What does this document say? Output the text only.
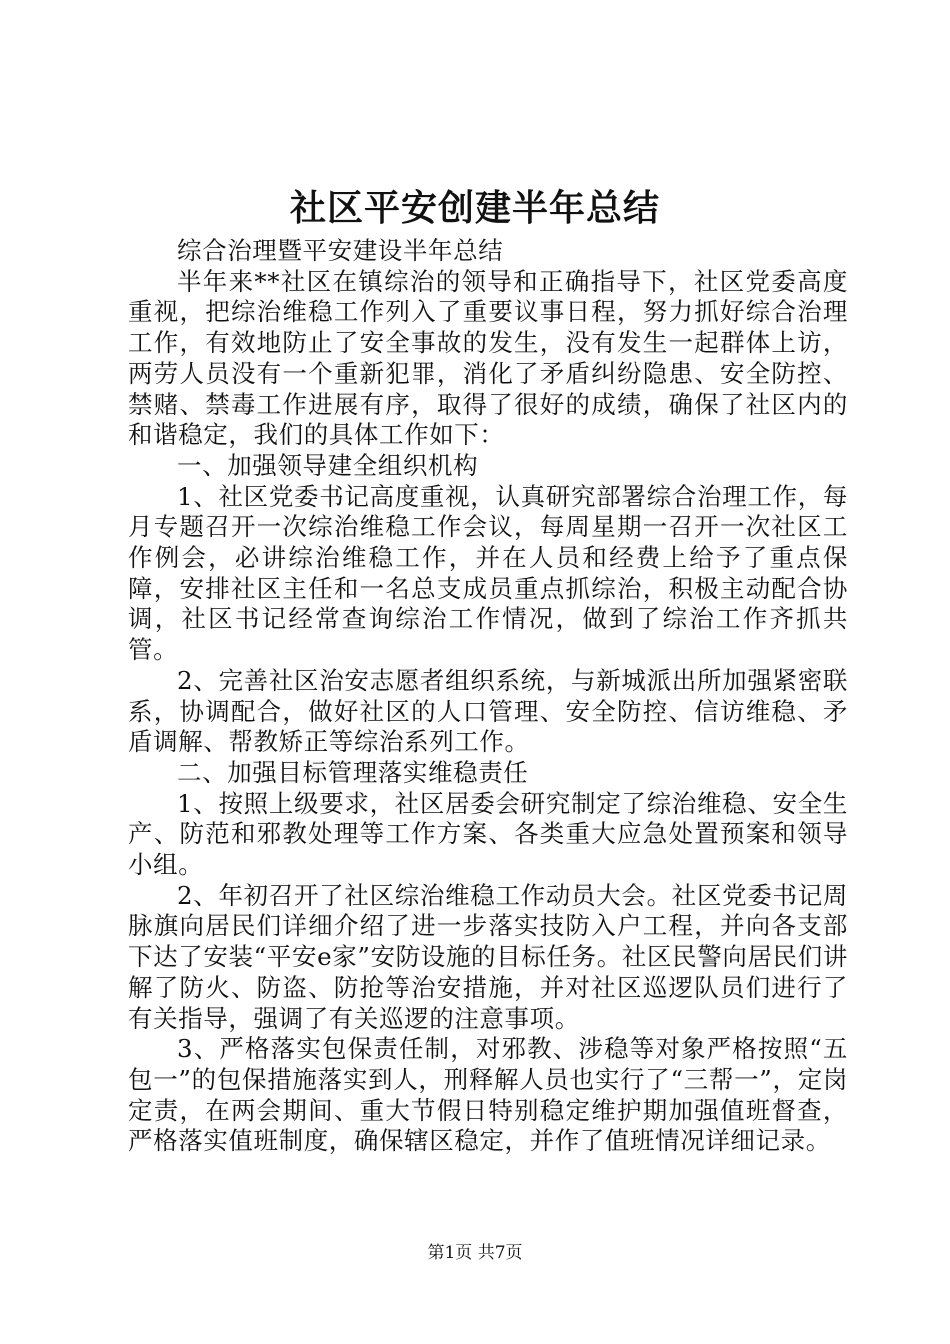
社区平安创建半年总结

综合治理暨平安建设半年总结

半年来**社区在镇综治的领导和正确指导下，社区党委高度重视，把综治维稳工作列入了重要议事日程，努力抓好综合治理工作，有效地防止了安全事故的发生，没有发生一起群体上访，两劳人员没有一个重新犯罪，消化了矛盾纠纷隐患、安全防控、禁赌、禁毒工作进展有序，取得了很好的成绩，确保了社区内的和谐稳定，我们的具体工作如下：

一、加强领导建全组织机构

1、社区党委书记高度重视，认真研究部署综合治理工作，每月专题召开一次综治维稳工作会议，每周星期一召开一次社区工作例会，必讲综治维稳工作，并在人员和经费上给予了重点保障，安排社区主任和一名总支成员重点抓综治，积极主动配合协调，社区书记经常查询综治工作情况，做到了综治工作齐抓共管。

2、完善社区治安志愿者组织系统，与新城派出所加强紧密联系，协调配合，做好社区的人口管理、安全防控、信访维稳、矛盾调解、帮教矫正等综治系列工作。

二、加强目标管理落实维稳责任

1、按照上级要求，社区居委会研究制定了综治维稳、安全生产、防范和邪教处理等工作方案、各类重大应急处置预案和领导小组。

2、年初召开了社区综治维稳工作动员大会。社区党委书记周脉旗向居民们详细介绍了进一步落实技防入户工程，并向各支部下达了安装“平安e家”安防设施的目标任务。社区民警向居民们讲解了防火、防盗、防抢等治安措施，并对社区巡逻队员们进行了有关指导，强调了有关巡逻的注意事项。

3、严格落实包保责任制，对邪教、涉稳等对象严格按照“五包一”的包保措施落实到人，刑释解人员也实行了“三帮一”，定岗定责，在两会期间、重大节假日特别稳定维护期加强值班督查，严格落实值班制度，确保辖区稳定，并作了值班情况详细记录。

第1页 共7页
